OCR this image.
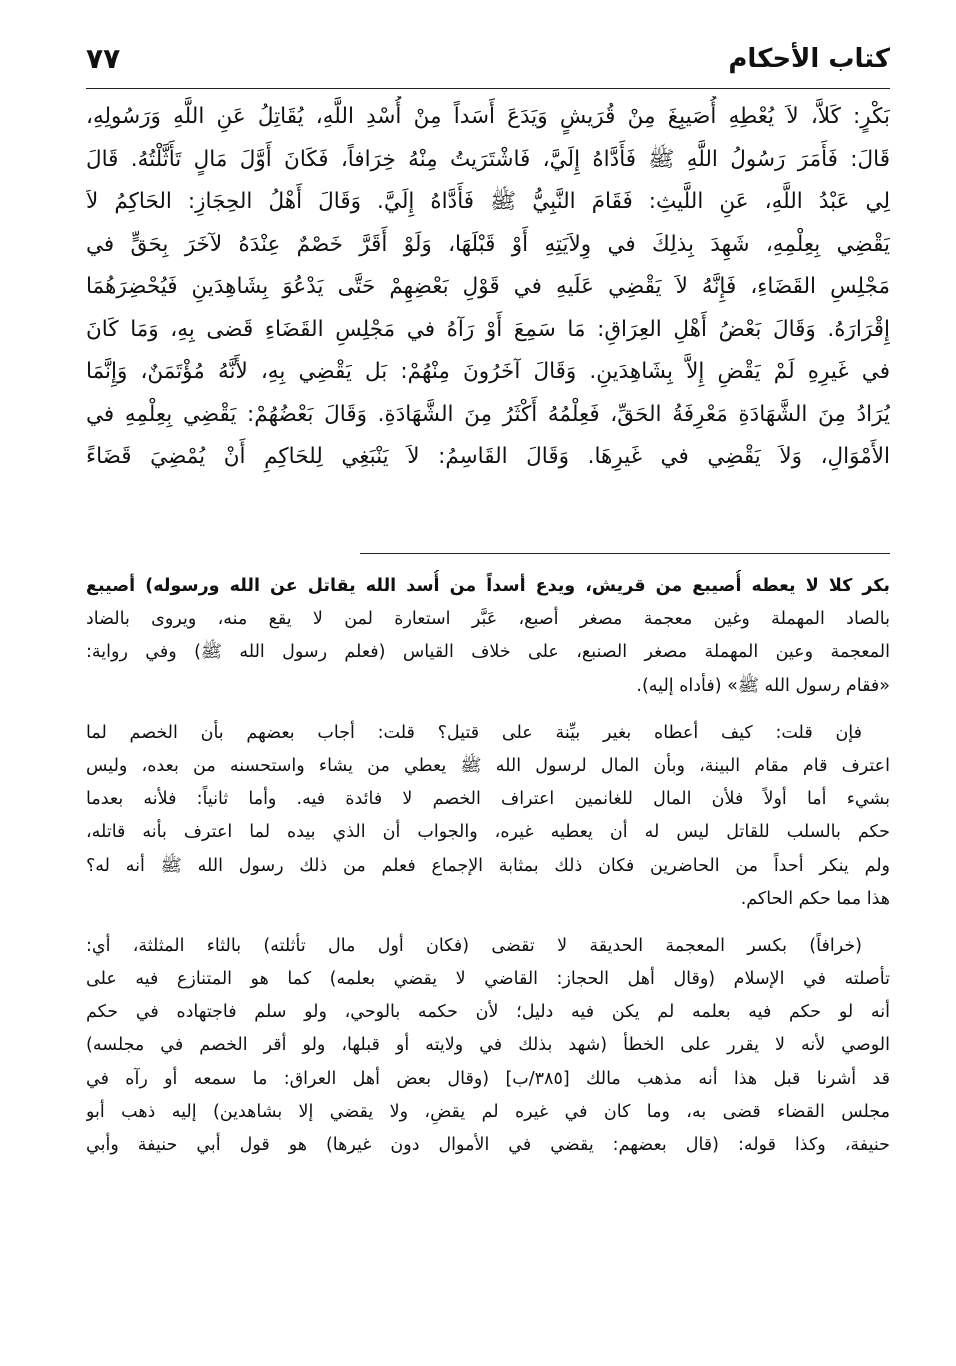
كتاب الأحكام
٧٧
بَكْرٍ: كَلاَّ، لاَ يُعْطِهِ أُصَيبِغَ مِنْ قُرَيشٍ وَيَدَعَ أَسَداً مِنْ أُسْدِ اللَّهِ، يُقَاتِلُ عَنِ اللَّهِ وَرَسُولِهِ،
قَالَ: فَأَمَرَ رَسُولُ اللَّهِ ﷺ فَأَدَّاهُ إِلَيَّ، فَاشْتَرَيتُ مِنْهُ خِرَافاً، فَكَانَ أَوَّلَ مَالٍ تَأَثَّلْتُهُ. قَالَ
لِي عَبْدُ اللَّهِ، عَنِ اللَّيثِ: فَقَامَ النَّبِيُّ ﷺ فَأَدَّاهُ إِلَيَّ. وَقَالَ أَهْلُ الحِجَازِ: الحَاكِمُ لاَ
يَقْضِي بِعِلْمِهِ، شَهِدَ بِذلِكَ في وِلاَيَتِهِ أَوْ قَبْلَهَا، وَلَوْ أَقَرَّ خَصْمٌ عِنْدَهُ لآخَرَ بِحَقٍّ في
مَجْلِسِ القَضَاءِ، فَإِنَّهُ لاَ يَقْضِي عَلَيهِ في قَوْلِ بَعْضِهِمْ حَتَّى يَدْعُوَ بِشَاهِدَينِ فَيُحْضِرَهُمَا
إِقْرَارَهُ. وَقَالَ بَعْضُ أَهْلِ العِرَاقِ: مَا سَمِعَ أَوْ رَآهُ في مَجْلِسِ القَضَاءِ قَضى بِهِ، وَمَا كَانَ
في غَيرِهِ لَمْ يَقْضِ إِلاَّ بِشَاهِدَينِ. وَقَالَ آخَرُونَ مِنْهُمْ: بَل يَقْضِي بِهِ، لأَنَّهُ مُؤْتَمَنٌ، وَإِنَّمَا
يُرَادُ مِنَ الشَّهَادَةِ مَعْرِفَةُ الحَقِّ، فَعِلْمُهُ أَكْثَرُ مِنَ الشَّهَادَةِ. وَقَالَ بَعْضُهُمْ: يَقْضِي بِعِلْمِهِ في
الأَمْوَالِ، وَلاَ يَقْضِي في غَيرِهَا. وَقَالَ القَاسِمُ: لاَ يَنْبَغِي لِلحَاكِمِ أَنْ يُمْضِيَ قَضَاءً
بكر كلا لا يعطه أُصيبع من قريش، ويدع أسداً من أُسد الله يقاتل عن الله ورسوله) أصيبع
بالصاد المهملة وغين معجمة مصغر أصبع، عَبَّر استعارة لمن لا يقع منه، ويروى بالضاد
المعجمة وعين المهملة مصغر الصنبع، على خلاف القياس (فعلم رسول الله ﷺ) وفي رواية:
«فقام رسول الله ﷺ» (فأداه إليه).
فإن قلت: كيف أعطاه بغير بيِّنة على قتيل؟ قلت: أجاب بعضهم بأن الخصم لما
اعترف قام مقام البينة، وبأن المال لرسول الله ﷺ يعطي من يشاء واستحسنه من بعده، وليس
بشيء أما أولاً فلأن المال للغانمين اعتراف الخصم لا فائدة فيه. وأما ثانياً: فلأنه بعدما
حكم بالسلب للقاتل ليس له أن يعطيه غيره، والجواب أن الذي بيده لما اعترف بأنه قاتله،
ولم ينكر أحداً من الحاضرين فكان ذلك بمثابة الإجماع فعلم من ذلك رسول الله ﷺ أنه له؟
هذا مما حكم الحاكم.
(خرافاً) بكسر المعجمة الحديقة لا تقضى (فكان أول مال تأثلته) بالثاء المثلثة، أي:
تأصلته في الإسلام (وقال أهل الحجاز: القاضي لا يقضي بعلمه) كما هو المتنازع فيه على
أنه لو حكم فيه بعلمه لم يكن فيه دليل؛ لأن حكمه بالوحي، ولو سلم فاجتهاده في حكم
الوصي لأنه لا يقرر على الخطأ (شهد بذلك في ولايته أو قبلها، ولو أقر الخصم في مجلسه)
قد أشرنا قبل هذا أنه مذهب مالك [٣٨٥/ب] (وقال بعض أهل العراق: ما سمعه أو رآه في
مجلس القضاء قضى به، وما كان في غيره لم يقضِ، ولا يقضي إلا بشاهدين) إليه ذهب أبو
حنيفة، وكذا قوله: (قال بعضهم: يقضي في الأموال دون غيرها) هو قول أبي حنيفة وأبي
